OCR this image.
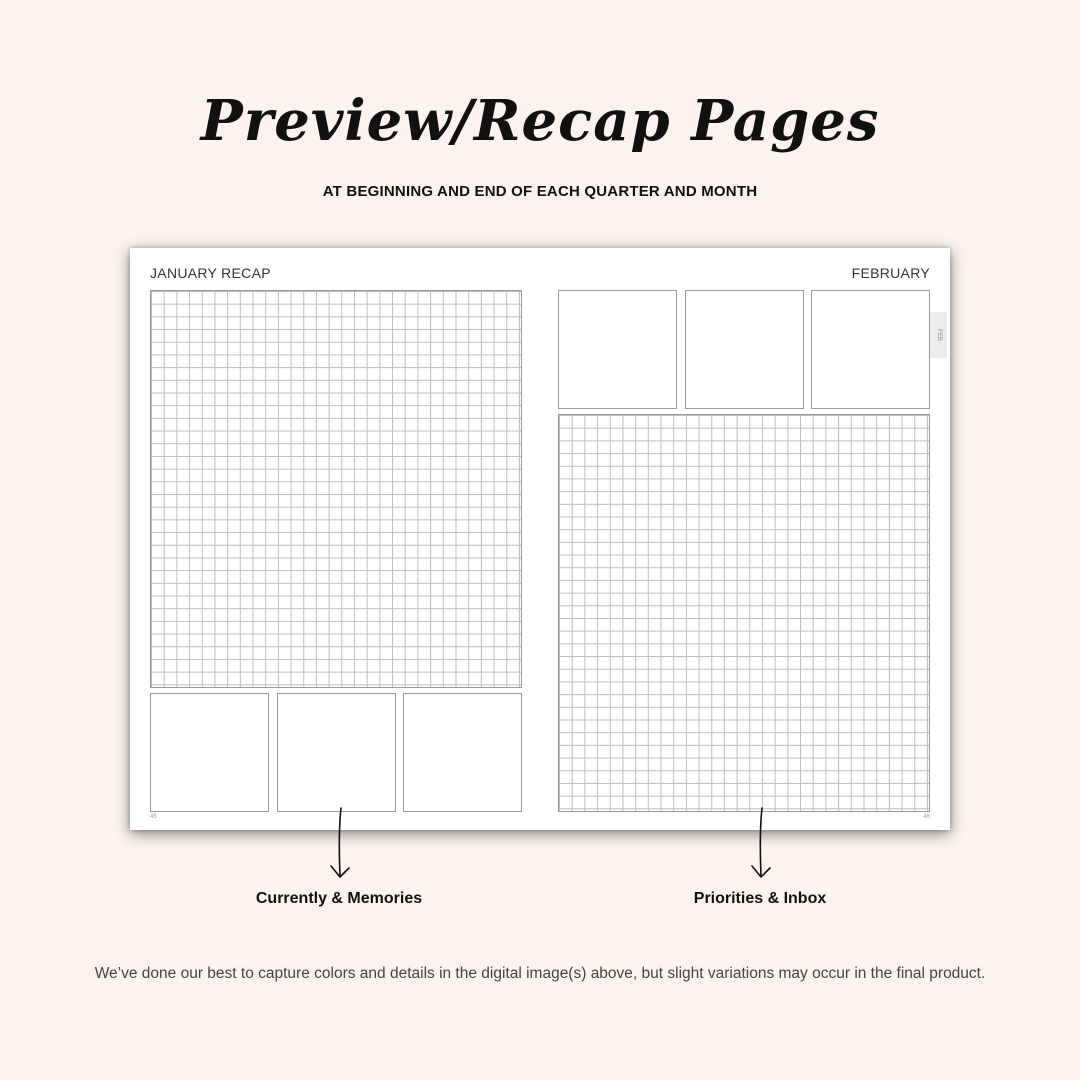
Preview/Recap Pages
AT BEGINNING AND END OF EACH QUARTER AND MONTH
JANUARY RECAP
45
FEBRUARY
46
FEB
Currently & Memories	Priorities & Inbox
We’ve done our best to capture colors and details in the digital image(s) above, but slight variations may occur in the final product.
